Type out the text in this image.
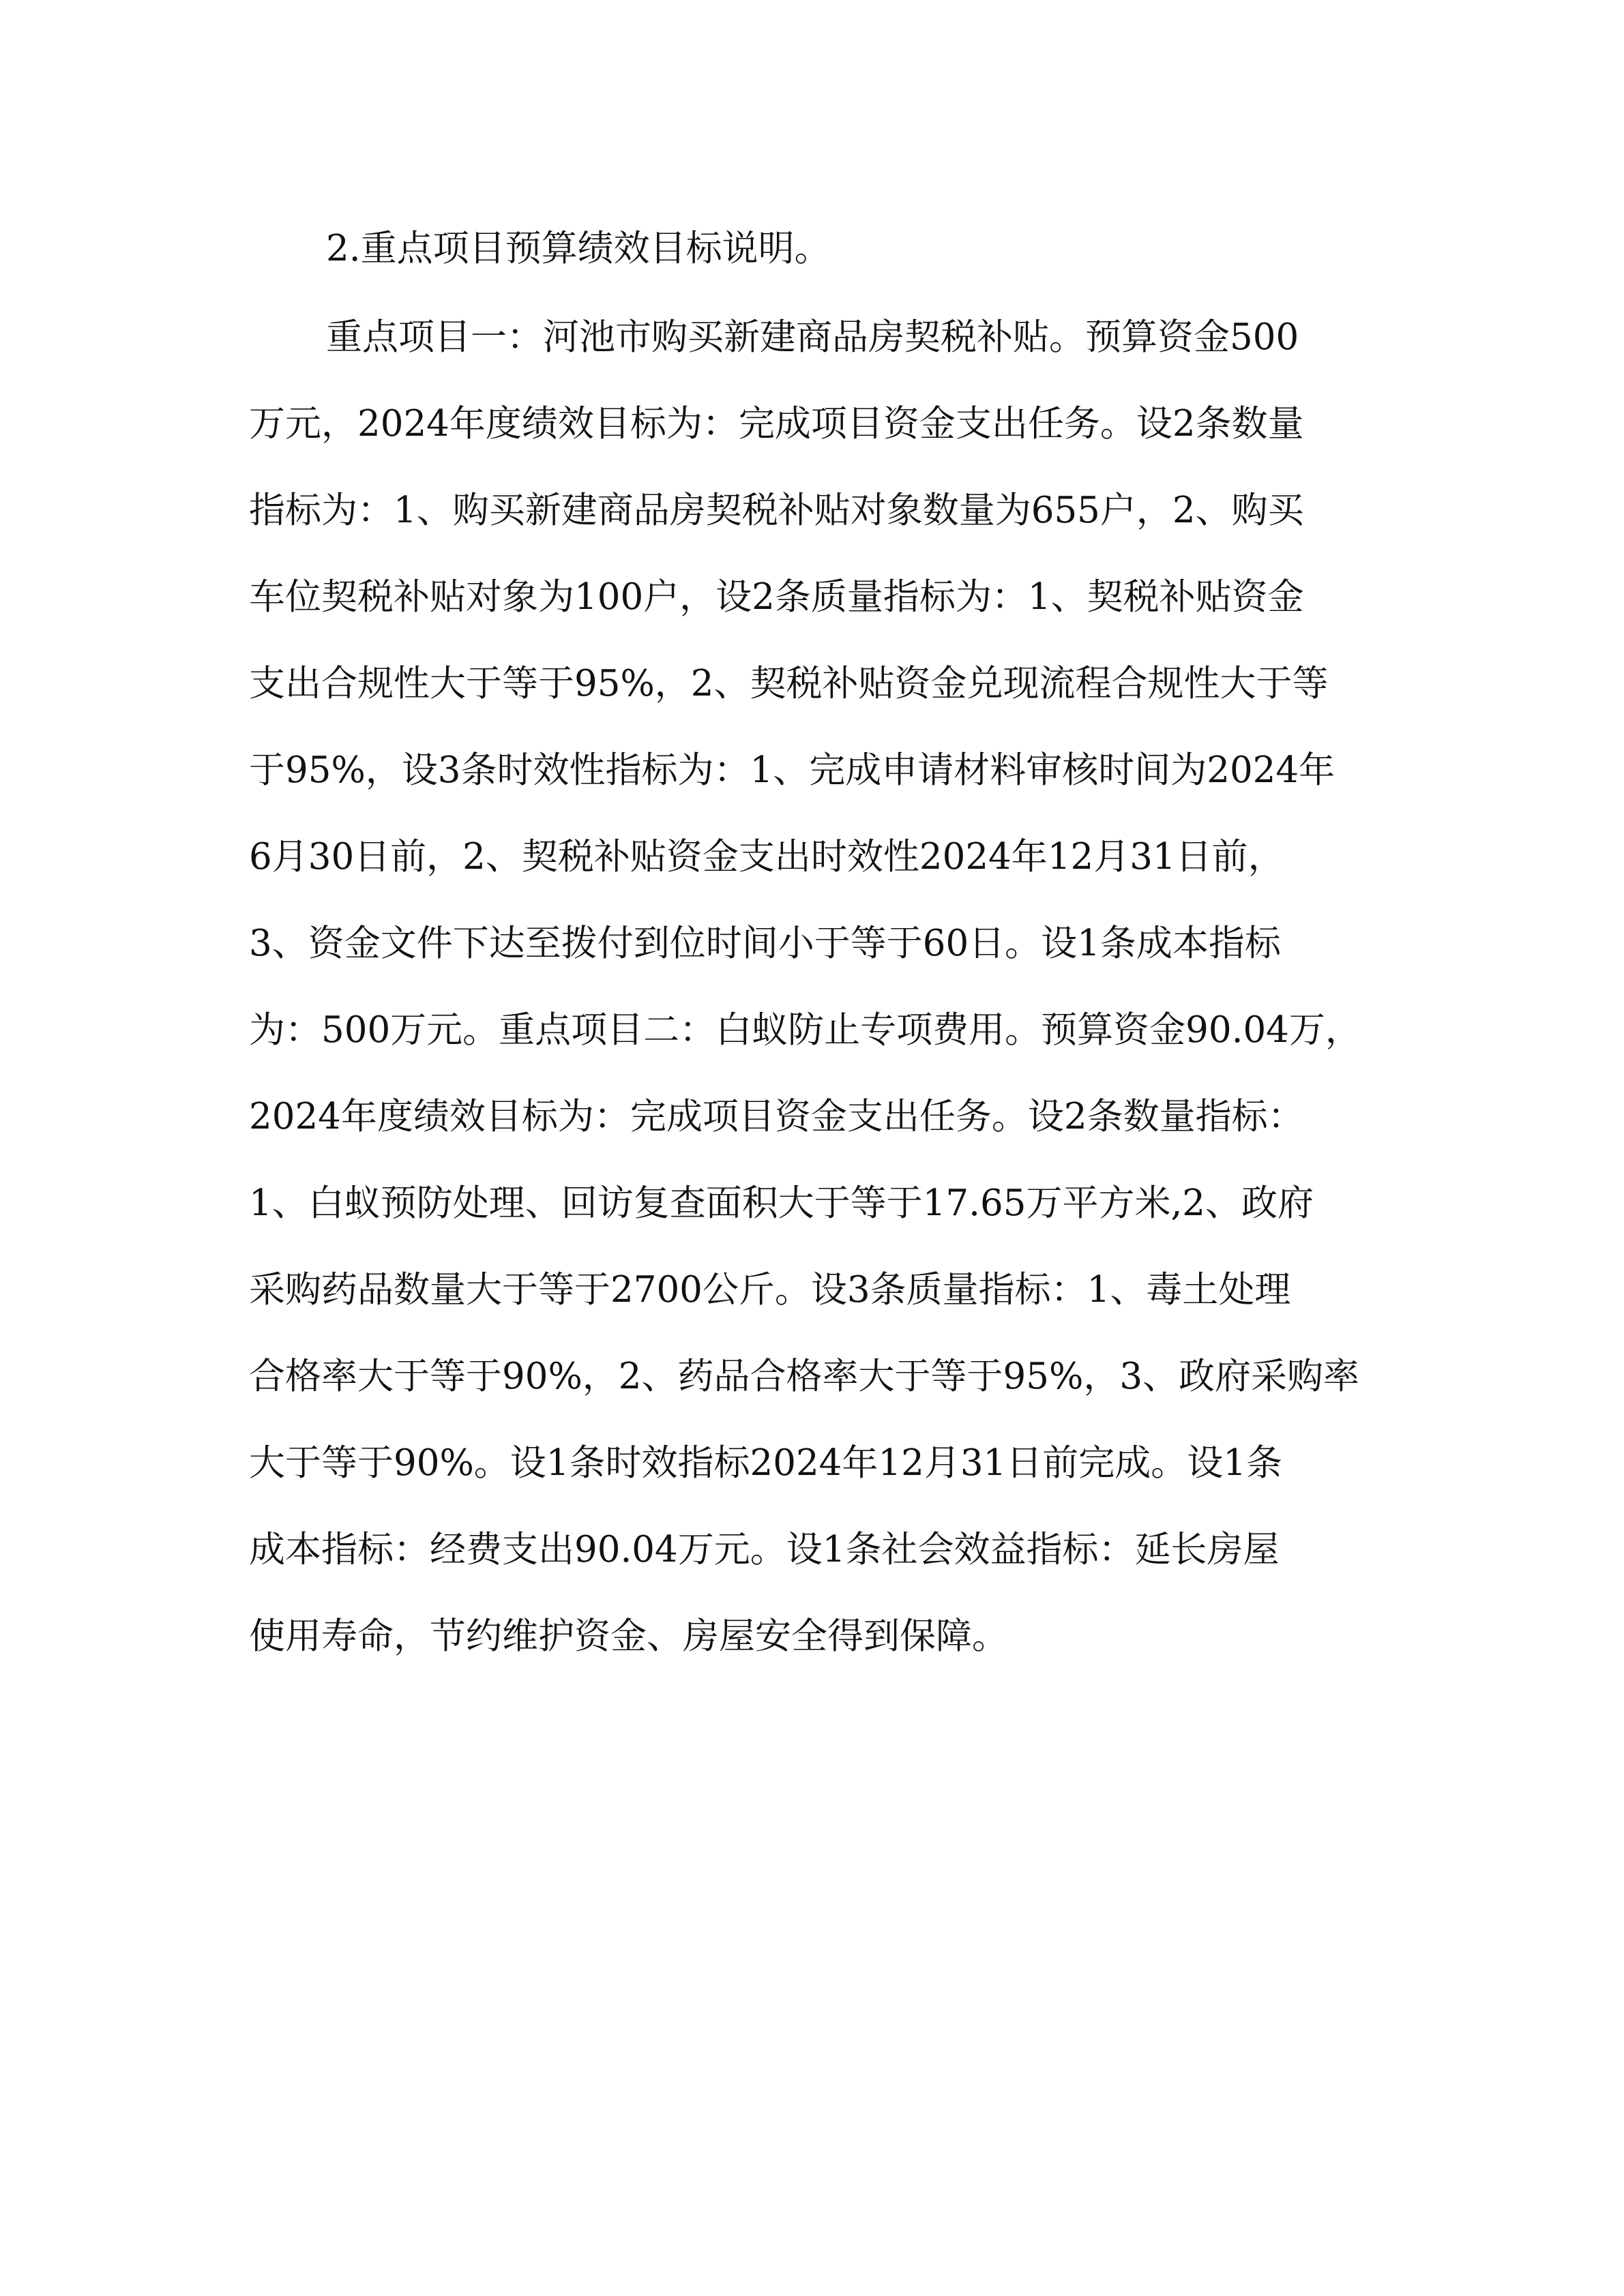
2.重点项目预算绩效目标说明。

重点项目一：河池市购买新建商品房契税补贴。预算资金500

万元，2024年度绩效目标为：完成项目资金支出任务。设2条数量

指标为：1、购买新建商品房契税补贴对象数量为655户，2、购买

车位契税补贴对象为100户，设2条质量指标为：1、契税补贴资金

支出合规性大于等于95%，2、契税补贴资金兑现流程合规性大于等

于95%，设3条时效性指标为：1、完成申请材料审核时间为2024年

6月30日前，2、契税补贴资金支出时效性2024年12月31日前，

3、资金文件下达至拨付到位时间小于等于60日。设1条成本指标

为：500万元。重点项目二：白蚁防止专项费用。预算资金90.04万，

2024年度绩效目标为：完成项目资金支出任务。设2条数量指标：

1、白蚁预防处理、回访复查面积大于等于17.65万平方米,2、政府

采购药品数量大于等于2700公斤。设3条质量指标：1、毒土处理

合格率大于等于90%，2、药品合格率大于等于95%，3、政府采购率

大于等于90%。设1条时效指标2024年12月31日前完成。设1条

成本指标：经费支出90.04万元。设1条社会效益指标：延长房屋

使用寿命，节约维护资金、房屋安全得到保障。
